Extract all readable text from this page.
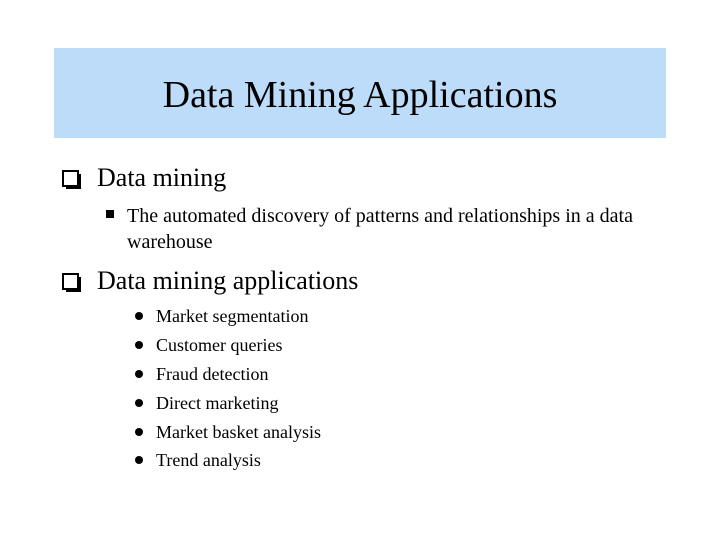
Data Mining Applications
Data mining
The automated discovery of patterns and relationships in a data warehouse
Data mining applications
Market segmentation
Customer queries
Fraud detection
Direct marketing
Market basket analysis
Trend analysis
